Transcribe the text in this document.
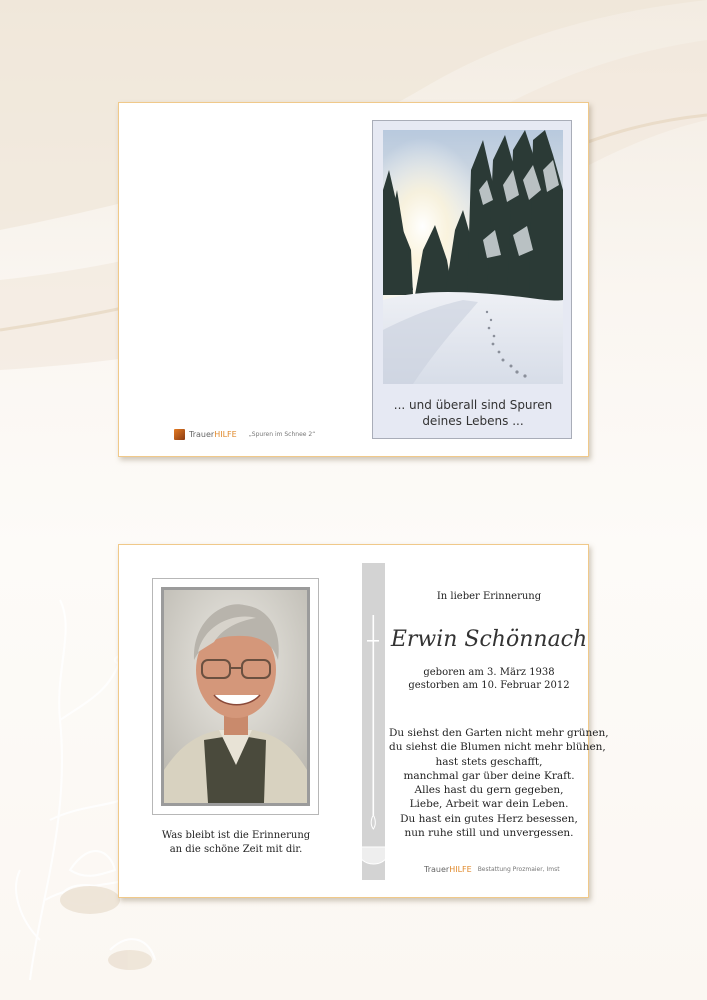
... und überall sind Spuren
deines Lebens ...
TrauerHILFE „Spuren im Schnee 2“
Was bleibt ist die Erinnerung
an die schöne Zeit mit dir.
In lieber Erinnerung
Erwin Schönnach
geboren am 3. März 1938
gestorben am 10. Februar 2012
Du siehst den Garten nicht mehr grünen,
du siehst die Blumen nicht mehr blühen,
hast stets geschafft,
manchmal gar über deine Kraft.
Alles hast du gern gegeben,
Liebe, Arbeit war dein Leben.
Du hast ein gutes Herz besessen,
nun ruhe still und unvergessen.
TrauerHILFE Bestattung Prozmaier, Imst
